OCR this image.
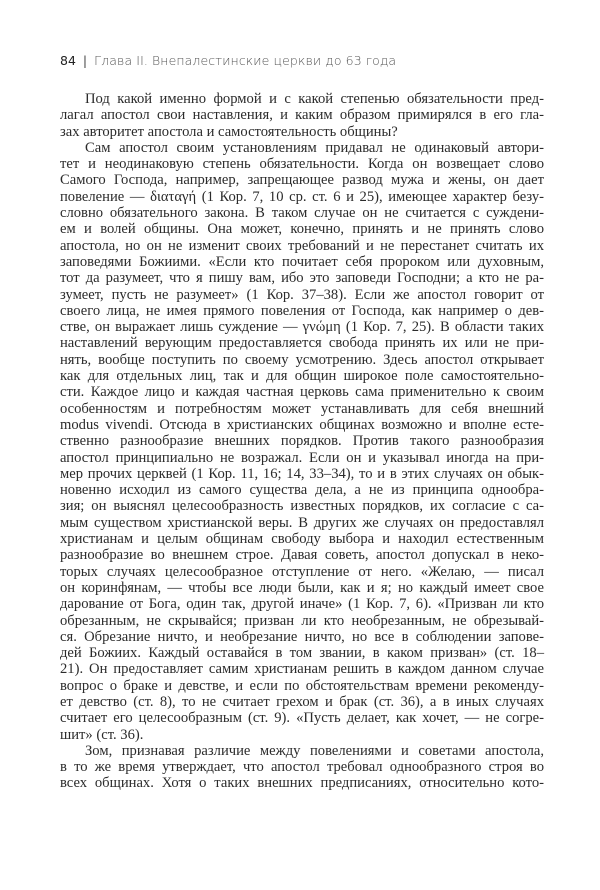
84 | Глава II. Внепалестинские церкви до 63 года
Под какой именно формой и с какой степенью обязательности пред-
лагал апостол свои наставления, и каким образом примирялся в его гла-
зах авторитет апостола и самостоятельность общины?
Сам апостол своим установлениям придавал не одинаковый автори-
тет и неодинаковую степень обязательности. Когда он возвещает слово
Самого Господа, например, запрещающее развод мужа и жены, он дает
повеление — διαταγή (1 Кор. 7, 10 ср. ст. 6 и 25), имеющее характер безу-
словно обязательного закона. В таком случае он не считается с суждени-
ем и волей общины. Она может, конечно, принять и не принять слово
апостола, но он не изменит своих требований и не перестанет считать их
заповедями Божиими. «Если кто почитает себя пророком или духовным,
тот да разумеет, что я пишу вам, ибо это заповеди Господни; а кто не ра-
зумеет, пусть не разумеет» (1 Кор. 37–38). Если же апостол говорит от
своего лица, не имея прямого повеления от Господа, как например о дев-
стве, он выражает лишь суждение — γνώμη (1 Кор. 7, 25). В области таких
наставлений верующим предоставляется свобода принять их или не при-
нять, вообще поступить по своему усмотрению. Здесь апостол открывает
как для отдельных лиц, так и для общин широкое поле самостоятельно-
сти. Каждое лицо и каждая частная церковь сама применительно к своим
особенностям и потребностям может устанавливать для себя внешний
modus vivendi. Отсюда в христианских общинах возможно и вполне есте-
ственно разнообразие внешних порядков. Против такого разнообразия
апостол принципиально не возражал. Если он и указывал иногда на при-
мер прочих церквей (1 Кор. 11, 16; 14, 33–34), то и в этих случаях он обык-
новенно исходил из самого существа дела, а не из принципа однообра-
зия; он выяснял целесообразность известных порядков, их согласие с са-
мым существом христианской веры. В других же случаях он предоставлял
христианам и целым общинам свободу выбора и находил естественным
разнообразие во внешнем строе. Давая советь, апостол допускал в неко-
торых случаях целесообразное отступление от него. «Желаю, — писал
он коринфянам, — чтобы все люди были, как и я; но каждый имеет свое
дарование от Бога, один так, другой иначе» (1 Кор. 7, 6). «Призван ли кто
обрезанным, не скрывайся; призван ли кто необрезанным, не обрезывай-
ся. Обрезание ничто, и необрезание ничто, но все в соблюдении запове-
дей Божиих. Каждый оставайся в том звании, в каком призван» (ст. 18–
21). Он предоставляет самим христианам решить в каждом данном случае
вопрос о браке и девстве, и если по обстоятельствам времени рекоменду-
ет девство (ст. 8), то не считает грехом и брак (ст. 36), а в иных случаях
считает его целесообразным (ст. 9). «Пусть делает, как хочет, — не согре-
шит» (ст. 36).
Зом, признавая различие между повелениями и советами апостола,
в то же время утверждает, что апостол требовал однообразного строя во
всех общинах. Хотя о таких внешних предписаниях, относительно кото-
